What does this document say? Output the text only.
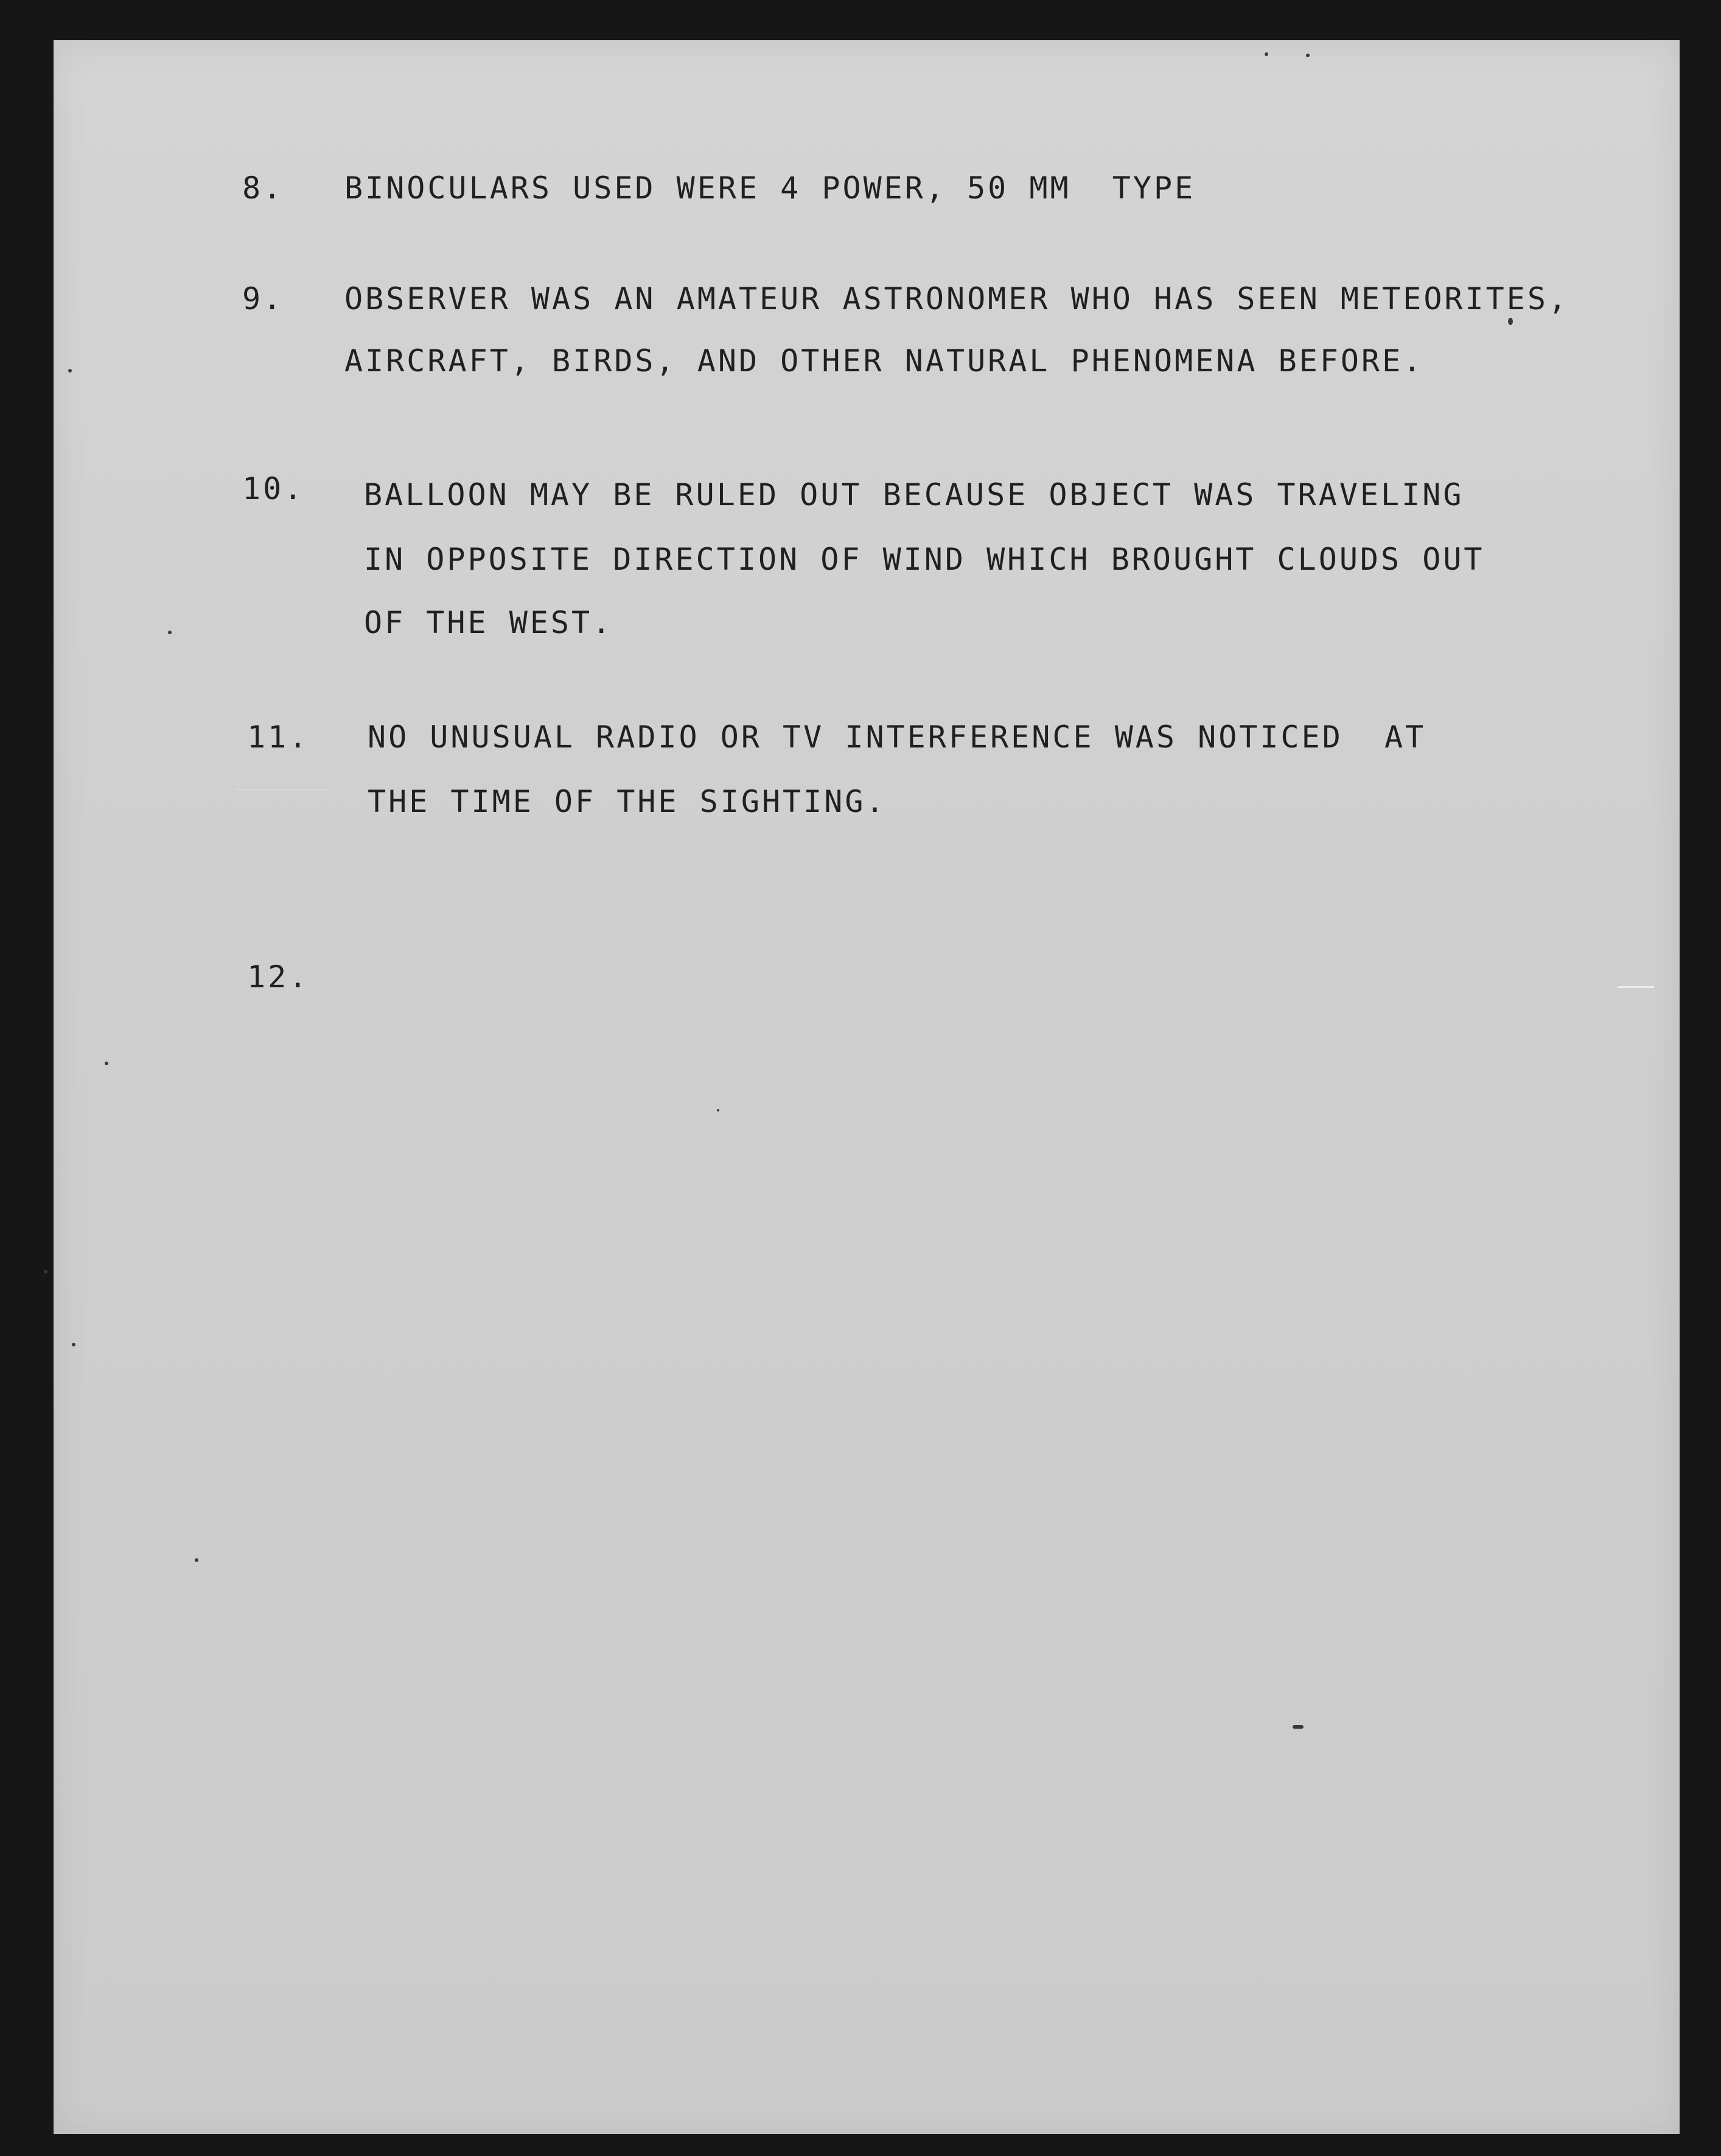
8. BINOCULARS USED WERE 4 POWER, 50 MM  TYPE
9. OBSERVER WAS AN AMATEUR ASTRONOMER WHO HAS SEEN METEORITES,
AIRCRAFT, BIRDS, AND OTHER NATURAL PHENOMENA BEFORE.
10. BALLOON MAY BE RULED OUT BECAUSE OBJECT WAS TRAVELING
IN OPPOSITE DIRECTION OF WIND WHICH BROUGHT CLOUDS OUT
OF THE WEST.
11. NO UNUSUAL RADIO OR TV INTERFERENCE WAS NOTICED  AT
THE TIME OF THE SIGHTING.
12.
